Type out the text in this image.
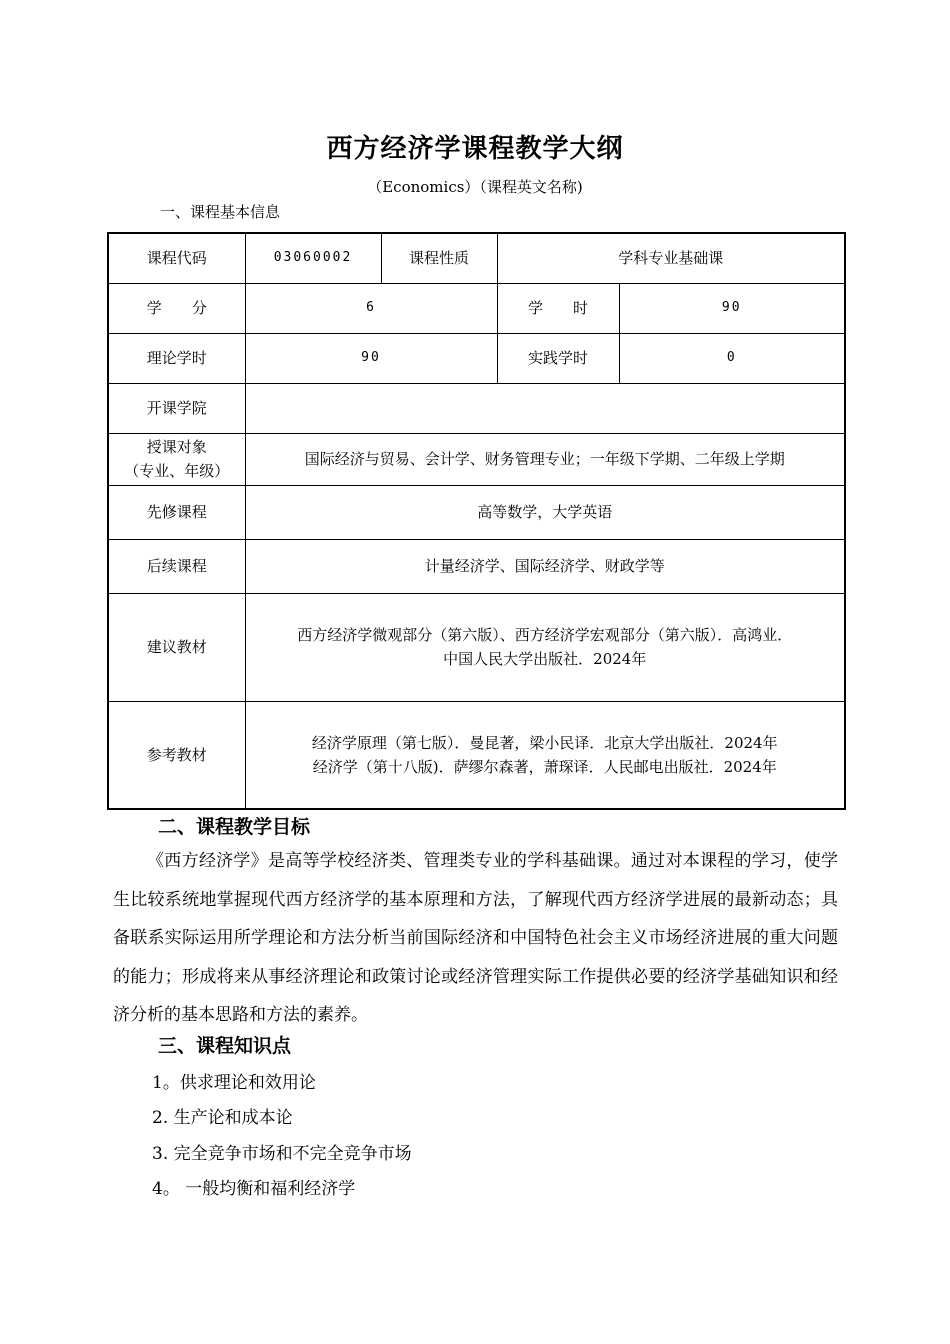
西方经济学课程教学大纲
（Economics）（课程英文名称)
一、课程基本信息
课程代码	03060002	课程性质	学科专业基础课	
学　　分	6		学　　时	90
理论学时	90		实践学时	0
开课学院				

授课对象
（专业、年级）	国际经济与贸易、会计学、财务管理专业；一年级下学期、二年级上学期			
先修课程	高等数学，大学英语			
后续课程	计量经济学、国际经济学、财政学等			
建议教材	西方经济学微观部分（第六版）、西方经济学宏观部分（第六版）．高鸿业．
中国人民大学出版社．2024年			

参考教材	经济学原理（第七版）．曼昆著，梁小民译．北京大学出版社．2024年
经济学（第十八版)．萨缪尔森著，萧琛译．人民邮电出版社．2024年			
二、课程教学目标

《西方经济学》是高等学校经济类、管理类专业的学科基础课。通过对本课程的学习，使学生比较系统地掌握现代西方经济学的基本原理和方法，了解现代西方经济学进展的最新动态；具备联系实际运用所学理论和方法分析当前国际经济和中国特色社会主义市场经济进展的重大问题的能力；形成将来从事经济理论和政策讨论或经济管理实际工作提供必要的经济学基础知识和经济分析的基本思路和方法的素养。

三、课程知识点
1。供求理论和效用论
2. 生产论和成本论
3. 完全竞争市场和不完全竞争市场
4。 一般均衡和福利经济学
